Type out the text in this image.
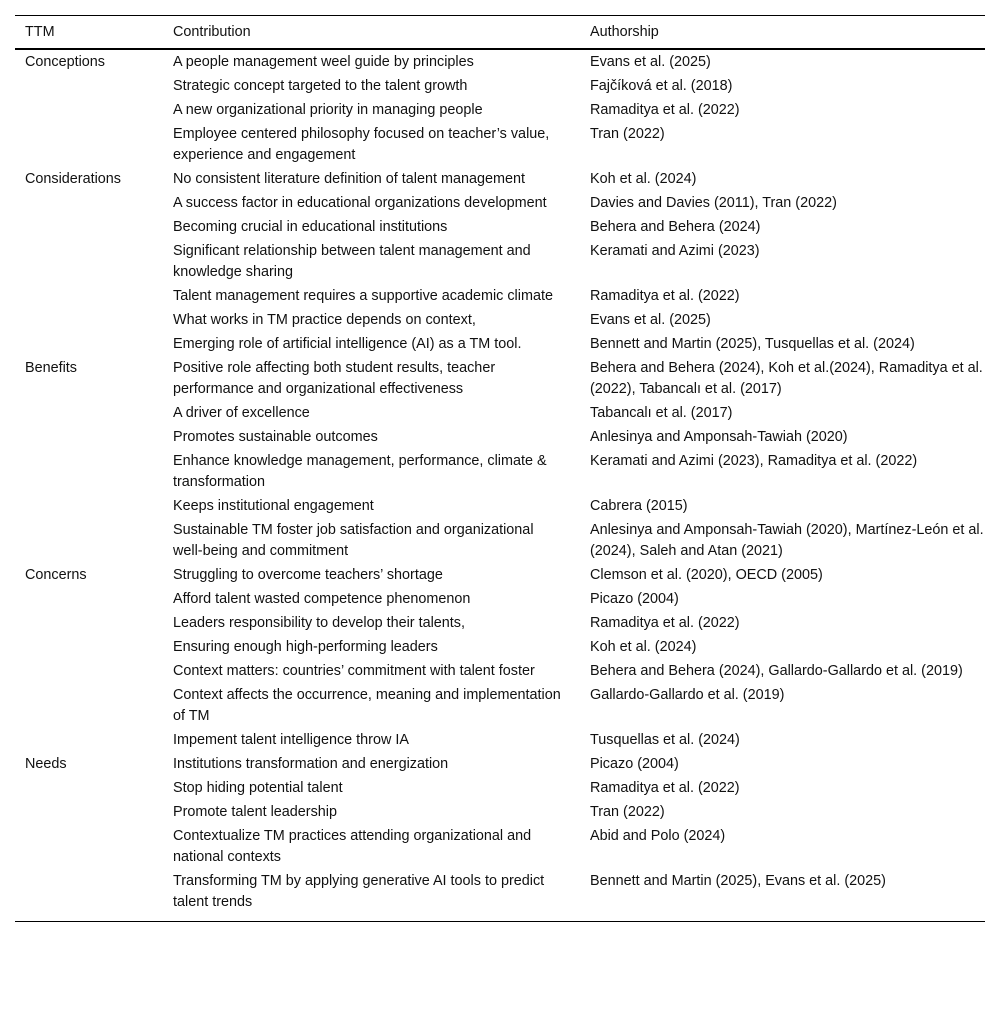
TTM	Contribution	Authorship
Conceptions	A people management weel guide by principles	Evans et al. (2025)
	Strategic concept targeted to the talent growth	Fajčíková et al. (2018)
	A new organizational priority in managing people	Ramaditya et al. (2022)
	Employee centered philosophy focused on teacher’s value, experience and engagement	Tran (2022)
Considerations	No consistent literature definition of talent management	Koh et al. (2024)
	A success factor in educational organizations development	Davies and Davies (2011), Tran (2022)
	Becoming crucial in educational institutions	Behera and Behera (2024)
	Significant relationship between talent management and knowledge sharing	Keramati and Azimi (2023)
	Talent management requires a supportive academic climate	Ramaditya et al. (2022)
	What works in TM practice depends on context,	Evans et al. (2025)
	Emerging role of artificial intelligence (AI) as a TM tool.	Bennett and Martin (2025), Tusquellas et al. (2024)
Benefits	Positive role affecting both student results, teacher performance and organizational effectiveness	Behera and Behera (2024), Koh et al.(2024), Ramaditya et al. (2022), Tabancalı et al. (2017)
	A driver of excellence	Tabancalı et al. (2017)
	Promotes sustainable outcomes	Anlesinya and Amponsah-Tawiah (2020)
	Enhance knowledge management, performance, climate & transformation	Keramati and Azimi (2023), Ramaditya et al. (2022)
	Keeps institutional engagement	Cabrera (2015)
	Sustainable TM foster job satisfaction and organizational well-being and commitment	Anlesinya and Amponsah-Tawiah (2020), Martínez-León et al. (2024), Saleh and Atan (2021)
Concerns	Struggling to overcome teachers’ shortage	Clemson et al. (2020), OECD (2005)
	Afford talent wasted competence phenomenon	Picazo (2004)
	Leaders responsibility to develop their talents,	Ramaditya et al. (2022)
	Ensuring enough high-performing leaders	Koh et al. (2024)
	Context matters: countries’ commitment with talent foster	Behera and Behera (2024), Gallardo-Gallardo et al. (2019)
	Context affects the occurrence, meaning and implementation of TM	Gallardo-Gallardo et al. (2019)
	Impement talent intelligence throw IA	Tusquellas et al. (2024)
Needs	Institutions transformation and energization	Picazo (2004)
	Stop hiding potential talent	Ramaditya et al. (2022)
	Promote talent leadership	Tran (2022)
	Contextualize TM practices attending organizational and national contexts	Abid and Polo (2024)
	Transforming TM by applying generative AI tools to predict talent trends	Bennett and Martin (2025), Evans et al. (2025)
